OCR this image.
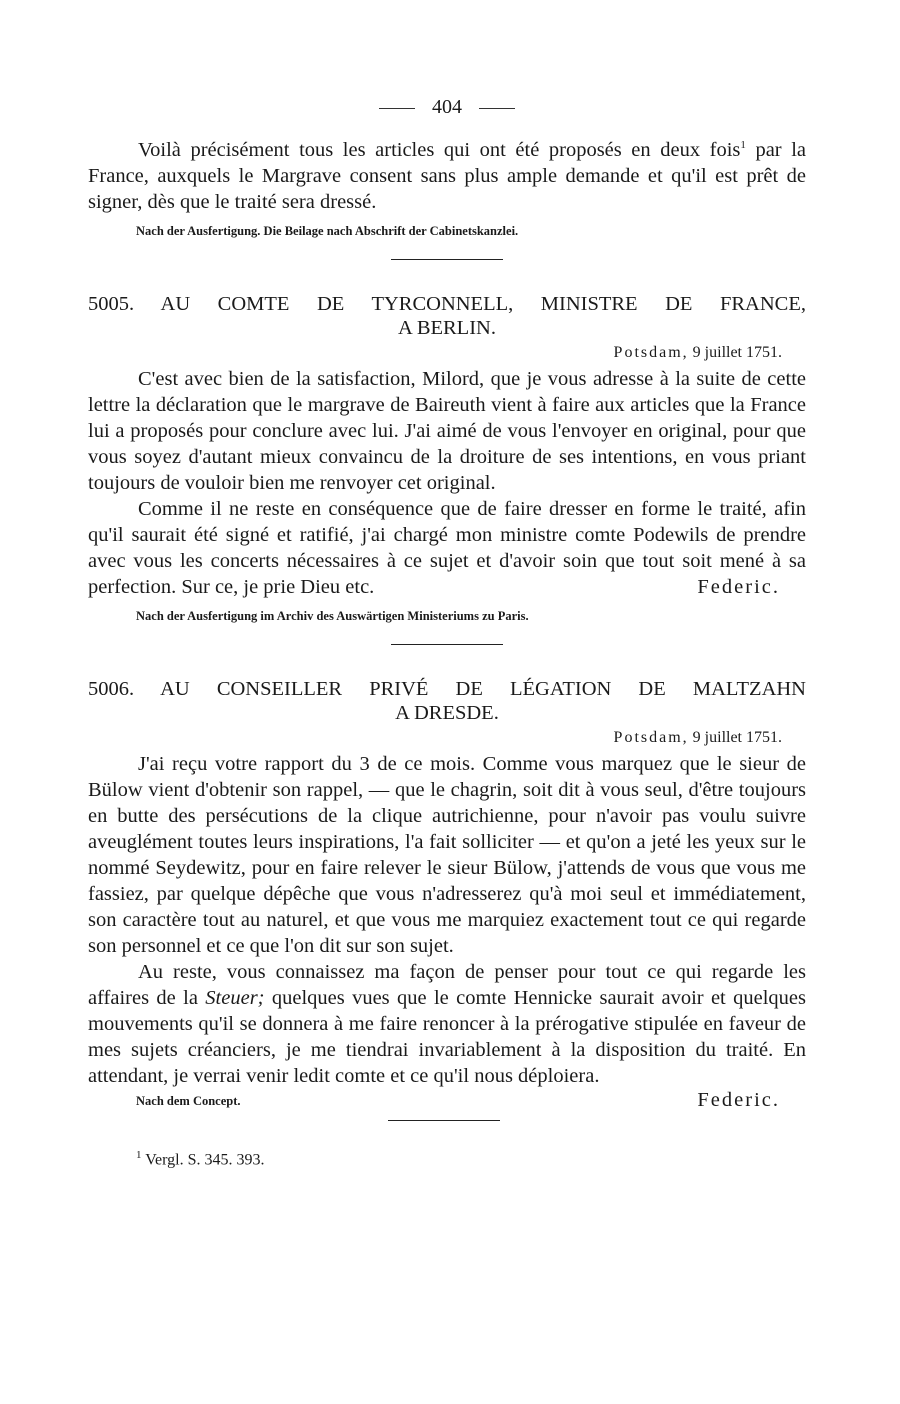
404

Voilà précisément tous les articles qui ont été proposés en deux fois$^1$ par la France, auxquels le Margrave consent sans plus ample demande et qu'il est prêt de signer, dès que le traité sera dressé.

Nach der Ausfertigung. Die Beilage nach Abschrift der Cabinetskanzlei.
5005. AU COMTE DE TYRCONNELL, MINISTRE DE FRANCE,
A BERLIN.
Potsdam, 9 juillet 1751.

C'est avec bien de la satisfaction, Milord, que je vous adresse à la suite de cette lettre la déclaration que le margrave de Baireuth vient à faire aux articles que la France lui a proposés pour conclure avec lui. J'ai aimé de vous l'envoyer en original, pour que vous soyez d'autant mieux convaincu de la droiture de ses intentions, en vous priant toujours de vouloir bien me renvoyer cet original.

Comme il ne reste en conséquence que de faire dresser en forme le traité, afin qu'il saurait été signé et ratifié, j'ai chargé mon ministre comte Podewils de prendre avec vous les concerts nécessaires à ce sujet et d'avoir soin que tout soit mené à sa perfection. Sur ce, je prie Dieu etc.	Federic.

Nach der Ausfertigung im Archiv des Auswärtigen Ministeriums zu Paris.
5006. AU CONSEILLER PRIVÉ DE LÉGATION DE MALTZAHN
A DRESDE.
Potsdam, 9 juillet 1751.

J'ai reçu votre rapport du 3 de ce mois. Comme vous marquez que le sieur de Bülow vient d'obtenir son rappel, — que le chagrin, soit dit à vous seul, d'être toujours en butte des persécutions de la clique autrichienne, pour n'avoir pas voulu suivre aveuglément toutes leurs inspirations, l'a fait solliciter — et qu'on a jeté les yeux sur le nommé Seydewitz, pour en faire relever le sieur Bülow, j'attends de vous que vous me fassiez, par quelque dépêche que vous n'adresserez qu'à moi seul et immédiatement, son caractère tout au naturel, et que vous me marquiez exactement tout ce qui regarde son personnel et ce que l'on dit sur son sujet.

Au reste, vous connaissez ma façon de penser pour tout ce qui regarde les affaires de la Steuer; quelques vues que le comte Hennicke saurait avoir et quelques mouvements qu'il se donnera à me faire renoncer à la prérogative stipulée en faveur de mes sujets créanciers, je me tiendrai invariablement à la disposition du traité. En attendant, je verrai venir ledit comte et ce qu'il nous déploiera.

Federic.
Nach dem Concept.
$^1$ Vergl. S. 345. 393.
